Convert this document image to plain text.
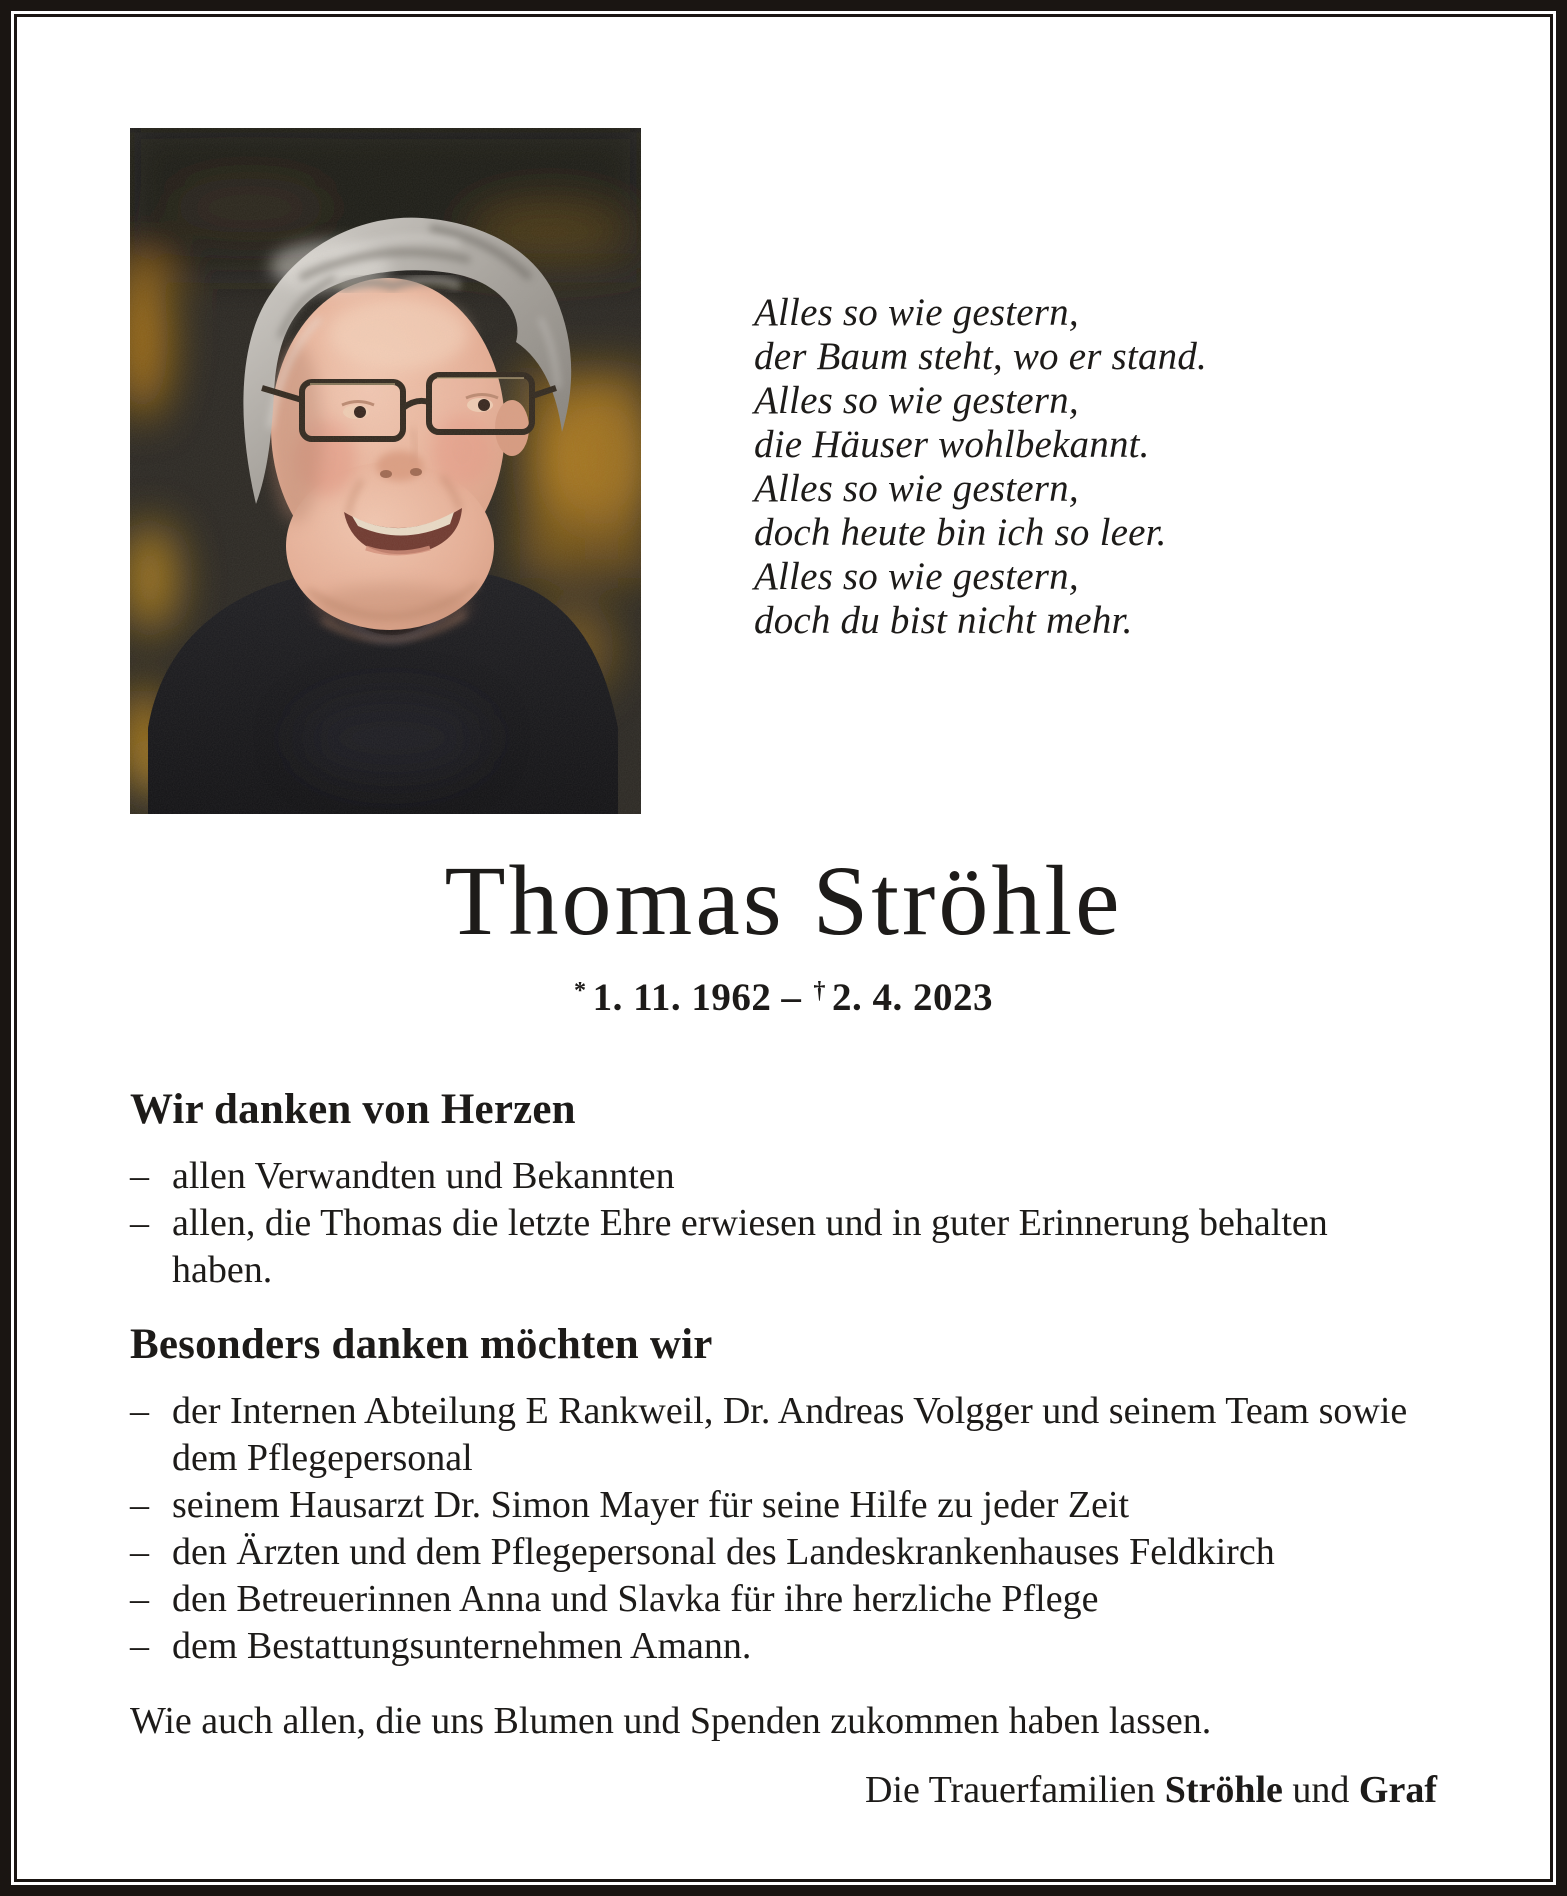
Alles so wie gestern,
der Baum steht, wo er stand.
Alles so wie gestern,
die Häuser wohlbekannt.
Alles so wie gestern,
doch heute bin ich so leer.
Alles so wie gestern,
doch du bist nicht mehr.
Thomas Ströhle
* 1. 11. 1962 – † 2. 4. 2023
Wir danken von Herzen
– allen Verwandten und Bekannten
– allen, die Thomas die letzte Ehre erwiesen und in guter Erinnerung behalten haben.
Besonders danken möchten wir
– der Internen Abteilung E Rankweil, Dr. Andreas Volgger und seinem Team sowie dem Pflegepersonal
– seinem Hausarzt Dr. Simon Mayer für seine Hilfe zu jeder Zeit
– den Ärzten und dem Pflegepersonal des Landeskrankenhauses Feldkirch
– den Betreuerinnen Anna und Slavka für ihre herzliche Pflege
– dem Bestattungsunternehmen Amann.

Wie auch allen, die uns Blumen und Spenden zukommen haben lassen.

Die Trauerfamilien Ströhle und Graf
